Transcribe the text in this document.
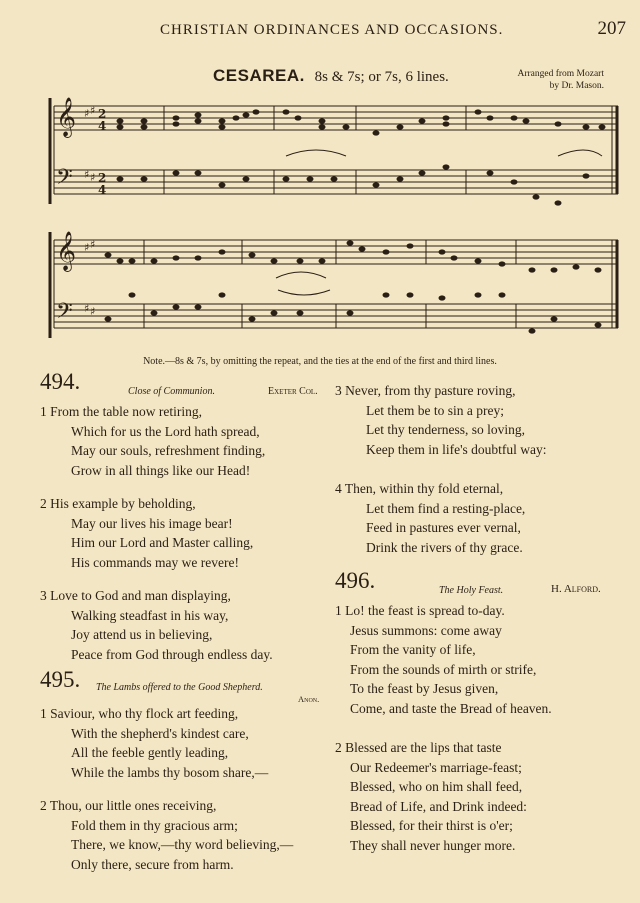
CHRISTIAN ORDINANCES AND OCCASIONS.	207
CESAREA. 8s & 7s; or 7s, 6 lines.	Arranged from Mozart
by Dr. Mason.
𝄞
𝄢
♯ ♯
♯ ♯
2
4
2
4
𝄞
𝄢
♯ ♯
♯ ♯
Note.—8s & 7s, by omitting the repeat, and the ties at the end of the first and third lines.
494.	Close of Communion.	Exeter Col.
1 From the table now retiring,
Which for us the Lord hath spread,
May our souls, refreshment finding,
Grow in all things like our Head!
2 His example by beholding,
May our lives his image bear!
Him our Lord and Master calling,
His commands may we revere!
3 Love to God and man displaying,
Walking steadfast in his way,
Joy attend us in believing,
Peace from God through endless day.
495. The Lambs offered to the Good Shepherd.
Anon.
1 Saviour, who thy flock art feeding,
With the shepherd's kindest care,
All the feeble gently leading,
While the lambs thy bosom share,—
2 Thou, our little ones receiving,
Fold them in thy gracious arm;
There, we know,—thy word believing,—
Only there, secure from harm.
3 Never, from thy pasture roving,
Let them be to sin a prey;
Let thy tenderness, so loving,
Keep them in life's doubtful way:
4 Then, within thy fold eternal,
Let them find a resting-place,
Feed in pastures ever vernal,
Drink the rivers of thy grace.
496.	The Holy Feast.	H. Alford.
1 Lo! the feast is spread to-day.
Jesus summons: come away
From the vanity of life,
From the sounds of mirth or strife,
To the feast by Jesus given,
Come, and taste the Bread of heaven.
2 Blessed are the lips that taste
Our Redeemer's marriage-feast;
Blessed, who on him shall feed,
Bread of Life, and Drink indeed:
Blessed, for their thirst is o'er;
They shall never hunger more.
